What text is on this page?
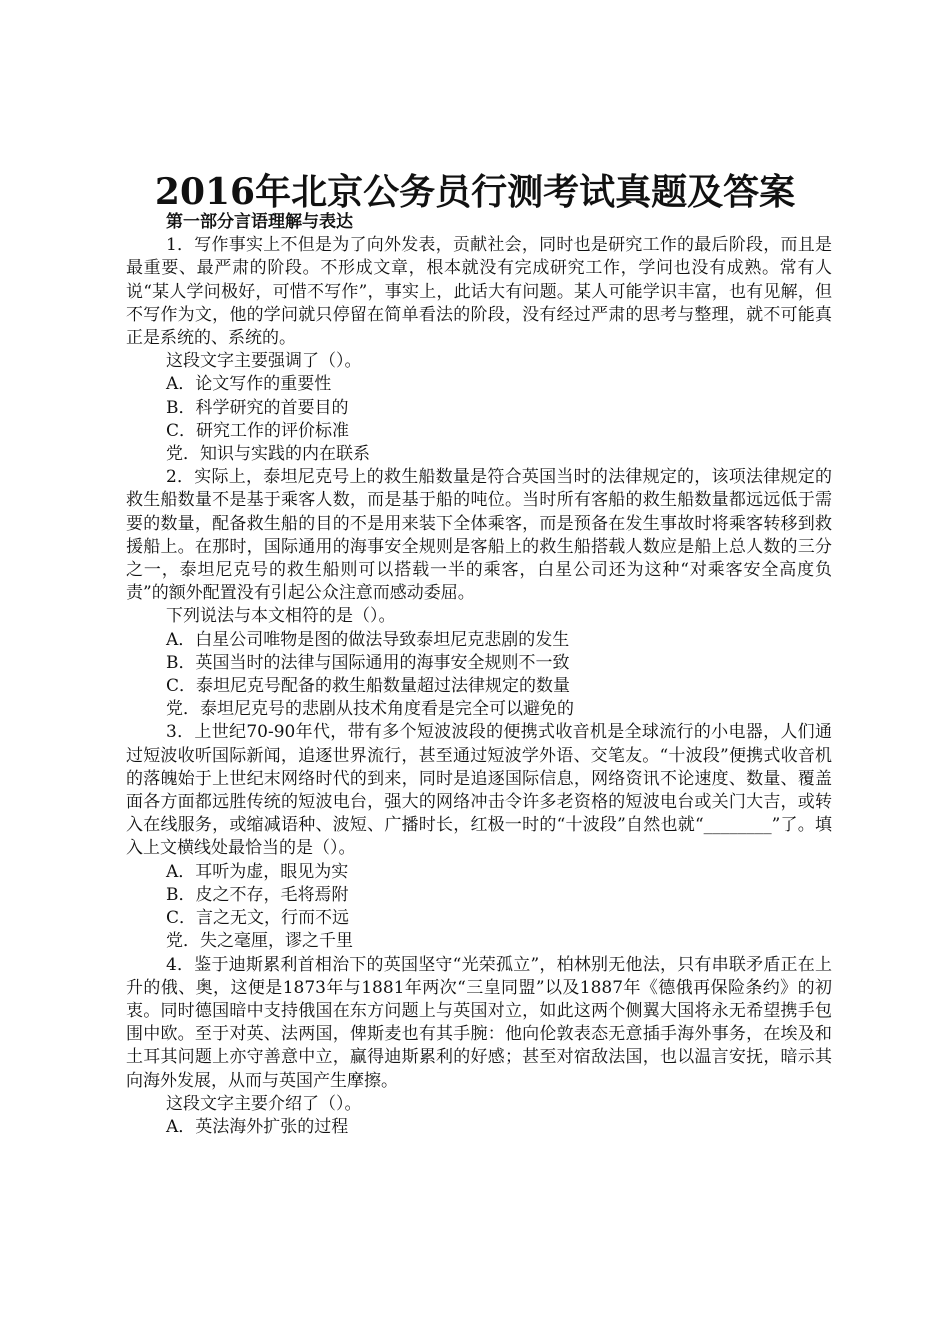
2016年北京公务员行测考试真题及答案

第一部分言语理解与表达

1．写作事实上不但是为了向外发表，贡献社会，同时也是研究工作的最后阶段，而且是最重要、最严肃的阶段。不形成文章，根本就没有完成研究工作，学问也没有成熟。常有人说“某人学问极好，可惜不写作”，事实上，此话大有问题。某人可能学识丰富，也有见解，但不写作为文，他的学问就只停留在简单看法的阶段，没有经过严肃的思考与整理，就不可能真正是系统的、系统的。

这段文字主要强调了（）。

A．论文写作的重要性

B．科学研究的首要目的

C．研究工作的评价标准

党．知识与实践的内在联系

2．实际上，泰坦尼克号上的救生船数量是符合英国当时的法律规定的，该项法律规定的救生船数量不是基于乘客人数，而是基于船的吨位。当时所有客船的救生船数量都远远低于需要的数量，配备救生船的目的不是用来装下全体乘客，而是预备在发生事故时将乘客转移到救援船上。在那时，国际通用的海事安全规则是客船上的救生船搭载人数应是船上总人数的三分之一，泰坦尼克号的救生船则可以搭载一半的乘客，白星公司还为这种“对乘客安全高度负责”的额外配置没有引起公众注意而感动委屈。

下列说法与本文相符的是（）。

A．白星公司唯物是图的做法导致泰坦尼克悲剧的发生

B．英国当时的法律与国际通用的海事安全规则不一致

C．泰坦尼克号配备的救生船数量超过法律规定的数量

党．泰坦尼克号的悲剧从技术角度看是完全可以避免的

3．上世纪70-90年代，带有多个短波波段的便携式收音机是全球流行的小电器，人们通过短波收听国际新闻，追逐世界流行，甚至通过短波学外语、交笔友。“十波段”便携式收音机的落魄始于上世纪末网络时代的到来，同时是追逐国际信息，网络资讯不论速度、数量、覆盖面各方面都远胜传统的短波电台，强大的网络冲击令许多老资格的短波电台或关门大吉，或转入在线服务，或缩减语种、波短、广播时长，红极一时的“十波段”自然也就“________”了。填入上文横线处最恰当的是（）。

A．耳听为虚，眼见为实

B．皮之不存，毛将焉附

C．言之无文，行而不远

党．失之毫厘，谬之千里

4．鉴于迪斯累利首相治下的英国坚守“光荣孤立”，柏林别无他法，只有串联矛盾正在上升的俄、奥，这便是1873年与1881年两次“三皇同盟”以及1887年《德俄再保险条约》的初衷。同时德国暗中支持俄国在东方问题上与英国对立，如此这两个侧翼大国将永无希望携手包围中欧。至于对英、法两国，俾斯麦也有其手腕：他向伦敦表态无意插手海外事务，在埃及和土耳其问题上亦守善意中立，赢得迪斯累利的好感；甚至对宿敌法国，也以温言安抚，暗示其向海外发展，从而与英国产生摩擦。

这段文字主要介绍了（）。

A．英法海外扩张的过程
